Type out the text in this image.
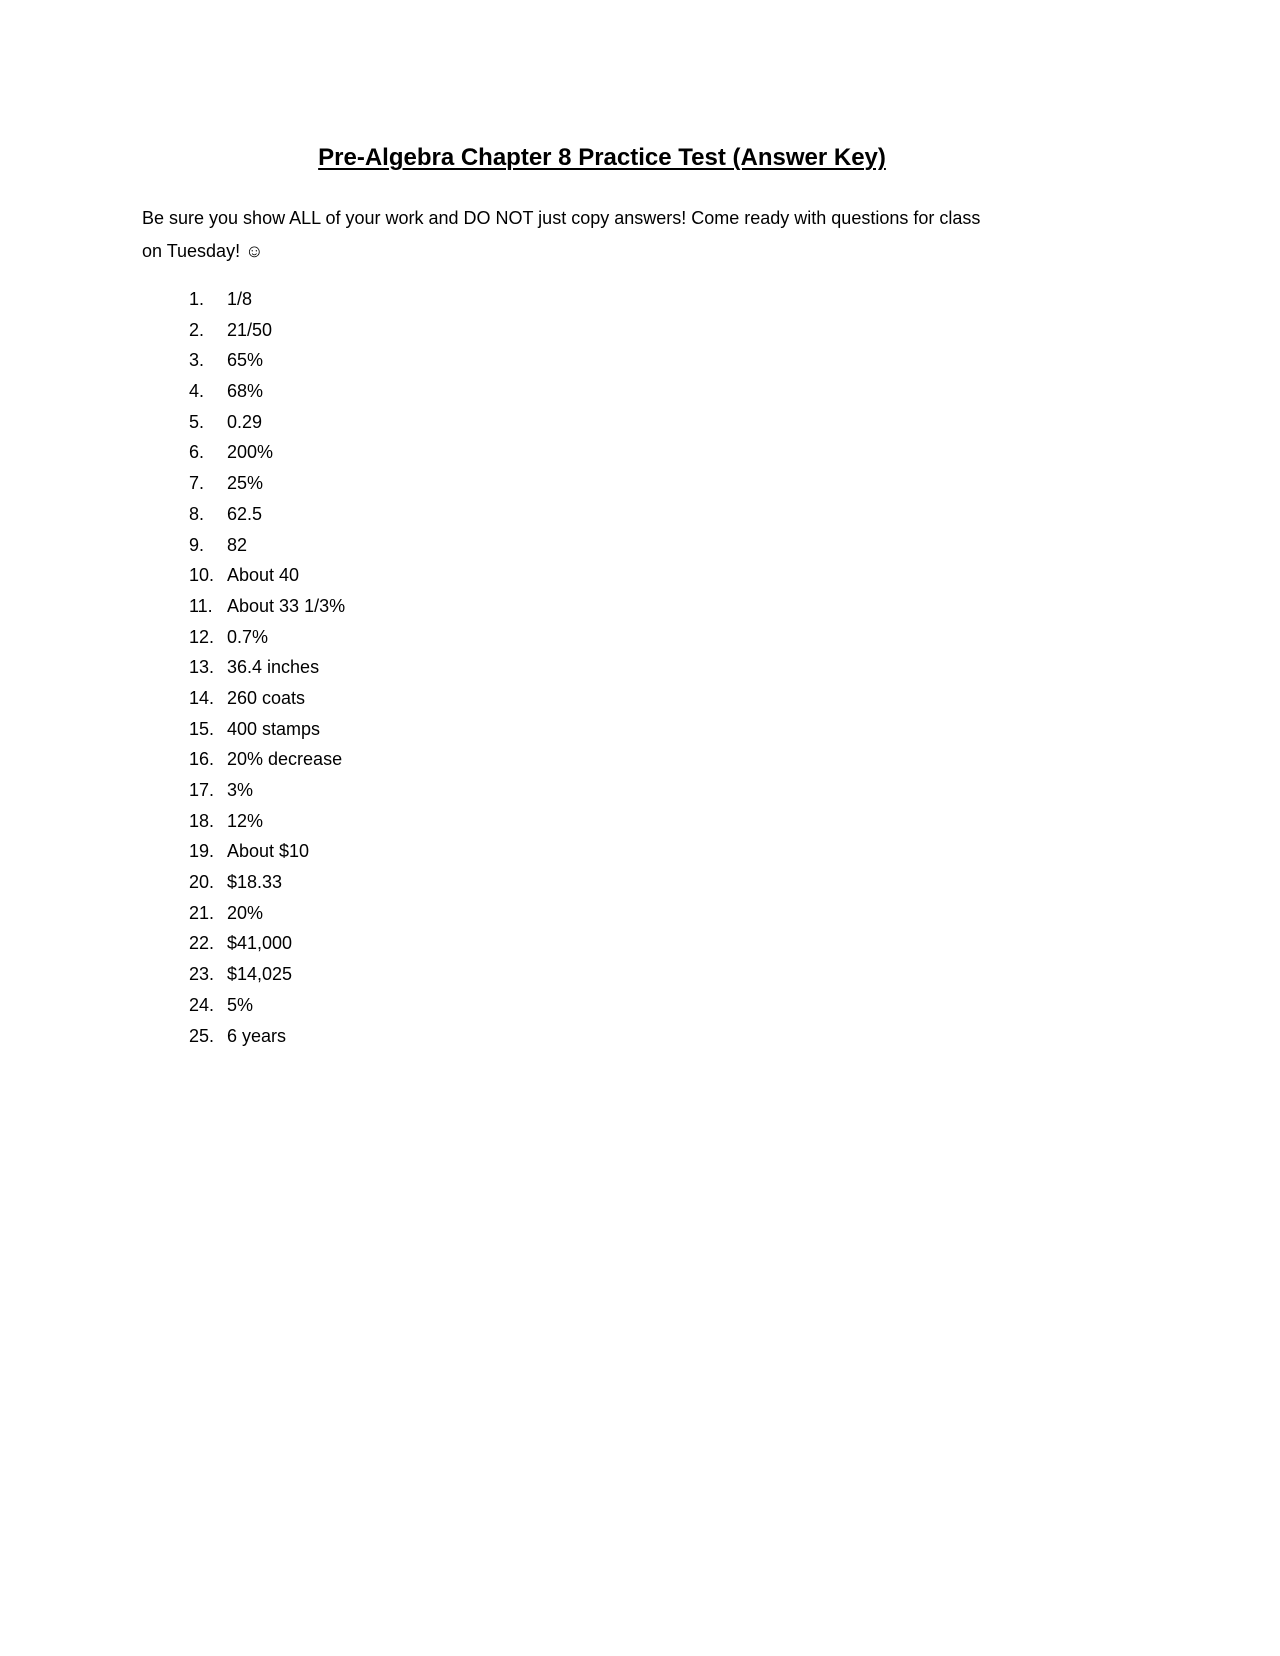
Pre-Algebra Chapter 8 Practice Test (Answer Key)

Be sure you show ALL of your work and DO NOT just copy answers! Come ready with questions for class
on Tuesday! ☺

1.	1/8
2.	21/50
3.	65%
4.	68%
5.	0.29
6.	200%
7.	25%
8.	62.5
9.	82
10. About 40
11. About 33 1/3%
12. 0.7%
13. 36.4 inches
14. 260 coats
15. 400 stamps
16. 20% decrease
17. 3%
18. 12%
19. About $10
20. $18.33
21. 20%
22. $41,000
23. $14,025
24. 5%
25. 6 years
